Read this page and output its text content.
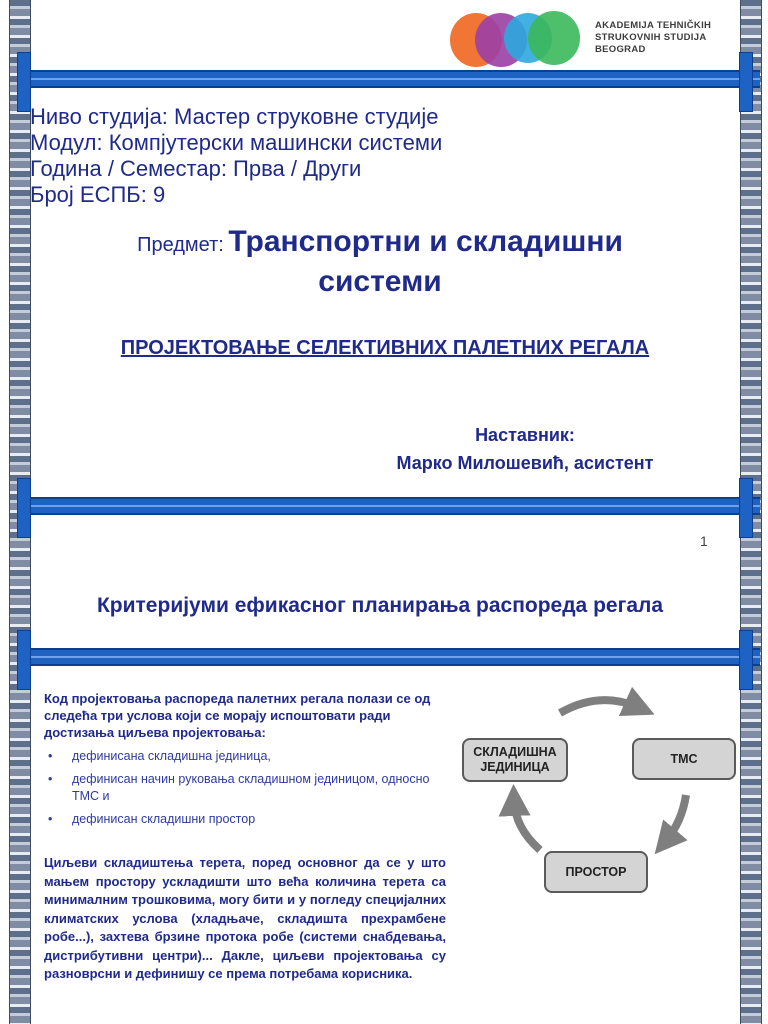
AKADEMIJA TEHNIČKIH
STRUKOVNIH STUDIJA
BEOGRAD

Ниво студија: Мастер струковне студије

Модул: Компјутерски машински системи

Година / Семестар: Прва / Други

Број ЕСПБ: 9

Предмет: Транспортни и складишни
системи
ПРОЈЕКТОВАЊЕ СЕЛЕКТИВНИХ ПАЛЕТНИХ РЕГАЛА

Наставник:

Марко Милошевић, асистент

1
Критеријуми ефикасног планирања распореда регала
Код пројектовања распореда палетних регала полази се од следећа три услова који се морају испоштовати ради достизања циљева пројектовања:
• дефинисана складишна јединица,
• дефинисан начин руковања складишном јединицом, односно ТМС и
• дефинисан складишни простор
Циљеви складиштења терета, поред основног да се у што мањем простору ускладишти што већа количина терета са минималним трошковима, могу бити и у погледу специјалних климатских услова (хладњаче, складишта прехрамбене робе...), захтева брзине протока робе (системи снабдевања, дистрибутивни центри)... Дакле, циљеви пројектовања су разноврсни и дефинишу се према потребама корисника.
СКЛАДИШНА ЈЕДИНИЦА
ТМС
ПРОСТОР
